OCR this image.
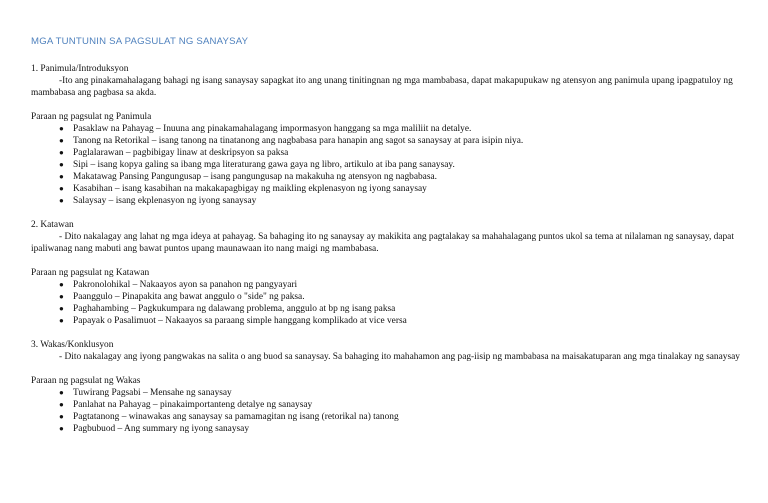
MGA TUNTUNIN SA PAGSULAT NG SANAYSAY

1. Panimula/Introduksyon

-Ito ang pinakamahalagang bahagi ng isang sanaysay sapagkat ito ang unang tinitingnan ng mga mambabasa, dapat makapupukaw ng atensyon ang panimula upang ipagpatuloy ng mambabasa ang pagbasa sa akda.

Paraan ng pagsulat ng Panimula

● Pasaklaw na Pahayag – Inuuna ang pinakamahalagang impormasyon hanggang sa mga maliliit na detalye.
● Tanong na Retorikal – isang tanong na tinatanong ang nagbabasa para hanapin ang sagot sa sanaysay at para isipin niya.
● Paglalarawan – pagbibigay linaw at deskripsyon sa paksa
● Sipi – isang kopya galing sa ibang mga literaturang gawa gaya ng libro, artikulo at iba pang sanaysay.
● Makatawag Pansing Pangungusap – isang pangungusap na makakuha ng atensyon ng nagbabasa.
● Kasabihan – isang kasabihan na makakapagbigay ng maikling ekplenasyon ng iyong sanaysay
● Salaysay – isang ekplenasyon ng iyong sanaysay

2. Katawan

- Dito nakalagay ang lahat ng mga ideya at pahayag. Sa bahaging ito ng sanaysay ay makikita ang pagtalakay sa mahahalagang puntos ukol sa tema at nilalaman ng sanaysay, dapat ipaliwanag nang mabuti ang bawat puntos upang maunawaan ito nang maigi ng mambabasa.

Paraan ng pagsulat ng Katawan

● Pakronolohikal – Nakaayos ayon sa panahon ng pangyayari
● Paanggulo – Pinapakita ang bawat anggulo o "side" ng paksa.
● Paghahambing – Pagkukumpara ng dalawang problema, anggulo at bp ng isang paksa
● Papayak o Pasalimuot – Nakaayos sa paraang simple hanggang komplikado at vice versa

3. Wakas/Konklusyon

- Dito nakalagay ang iyong pangwakas na salita o ang buod sa sanaysay. Sa bahaging ito mahahamon ang pag-iisip ng mambabasa na maisakatuparan ang mga tinalakay ng sanaysay

Paraan ng pagsulat ng Wakas

● Tuwirang Pagsabi – Mensahe ng sanaysay
● Panlahat na Pahayag – pinakaimportanteng detalye ng sanaysay
● Pagtatanong – winawakas ang sanaysay sa pamamagitan ng isang (retorikal na) tanong
● Pagbubuod – Ang summary ng iyong sanaysay
